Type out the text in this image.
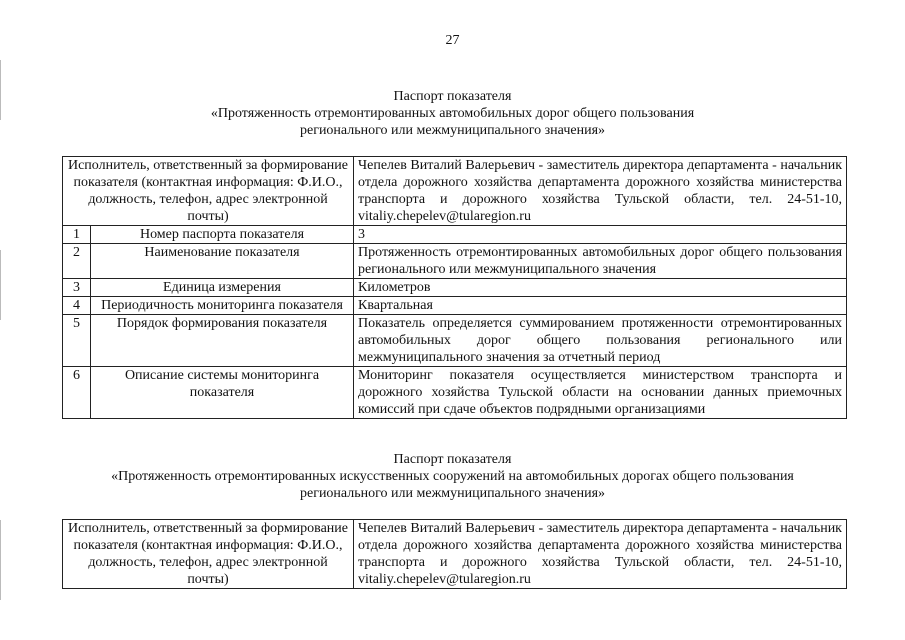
27
Паспорт показателя
«Протяженность отремонтированных автомобильных дорог общего пользования
регионального или межмуниципального значения»
Исполнитель, ответственный за формирование показателя (контактная информация: Ф.И.О., должность, телефон, адрес электронной почты)		Чепелев Виталий Валерьевич - заместитель директора департамента - начальник отдела дорожного хозяйства департамента дорожного хозяйства министерства транспорта и дорожного хозяйства Тульской области, тел. 24-51-10, vitaliy.chepelev@tularegion.ru
1	Номер паспорта показателя	3
2	Наименование показателя	Протяженность отремонтированных автомобильных дорог общего пользования регионального или межмуниципального значения
3	Единица измерения	Километров
4	Периодичность мониторинга показателя	Квартальная
5	Порядок формирования показателя	Показатель определяется суммированием протяженности отремонтированных автомобильных дорог общего пользования регионального или межмуниципального значения за отчетный период
6	Описание системы мониторинга показателя	Мониторинг показателя осуществляется министерством транспорта и дорожного хозяйства Тульской области на основании данных приемочных комиссий при сдаче объектов подрядными организациями
Паспорт показателя
«Протяженность отремонтированных искусственных сооружений на автомобильных дорогах общего пользования
регионального или межмуниципального значения»
Исполнитель, ответственный за формирование показателя (контактная информация: Ф.И.О., должность, телефон, адрес электронной почты)	Чепелев Виталий Валерьевич - заместитель директора департамента - начальник отдела дорожного хозяйства департамента дорожного хозяйства министерства транспорта и дорожного хозяйства Тульской области, тел. 24-51-10, vitaliy.chepelev@tularegion.ru
